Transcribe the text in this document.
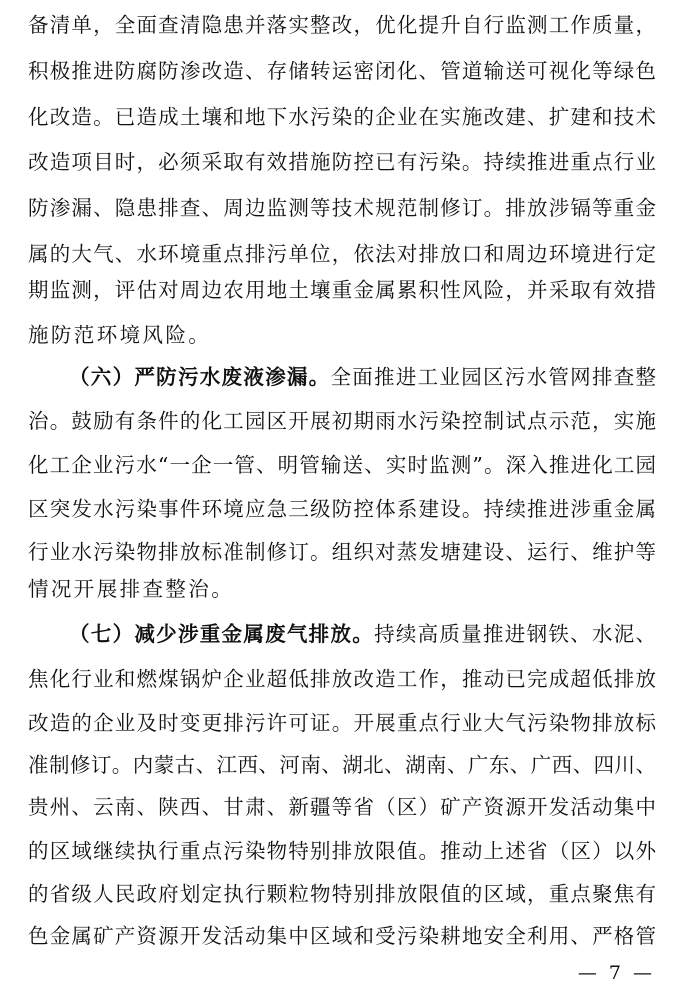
备清单，全面查清隐患并落实整改，优化提升自行监测工作质量，
积极推进防腐防渗改造、存储转运密闭化、管道输送可视化等绿色
化改造。已造成土壤和地下水污染的企业在实施改建、扩建和技术
改造项目时，必须采取有效措施防控已有污染。持续推进重点行业
防渗漏、隐患排查、周边监测等技术规范制修订。排放涉镉等重金
属的大气、水环境重点排污单位，依法对排放口和周边环境进行定
期监测，评估对周边农用地土壤重金属累积性风险，并采取有效措
施防范环境风险。
（六）严防污水废液渗漏。全面推进工业园区污水管网排查整
治。鼓励有条件的化工园区开展初期雨水污染控制试点示范，实施
化工企业污水“一企一管、明管输送、实时监测”。深入推进化工园
区突发水污染事件环境应急三级防控体系建设。持续推进涉重金属
行业水污染物排放标准制修订。组织对蒸发塘建设、运行、维护等
情况开展排查整治。
（七）减少涉重金属废气排放。持续高质量推进钢铁、水泥、
焦化行业和燃煤锅炉企业超低排放改造工作，推动已完成超低排放
改造的企业及时变更排污许可证。开展重点行业大气污染物排放标
准制修订。内蒙古、江西、河南、湖北、湖南、广东、广西、四川、
贵州、云南、陕西、甘肃、新疆等省（区）矿产资源开发活动集中
的区域继续执行重点污染物特别排放限值。推动上述省（区）以外
的省级人民政府划定执行颗粒物特别排放限值的区域，重点聚焦有
色金属矿产资源开发活动集中区域和受污染耕地安全利用、严格管
— 7 —
